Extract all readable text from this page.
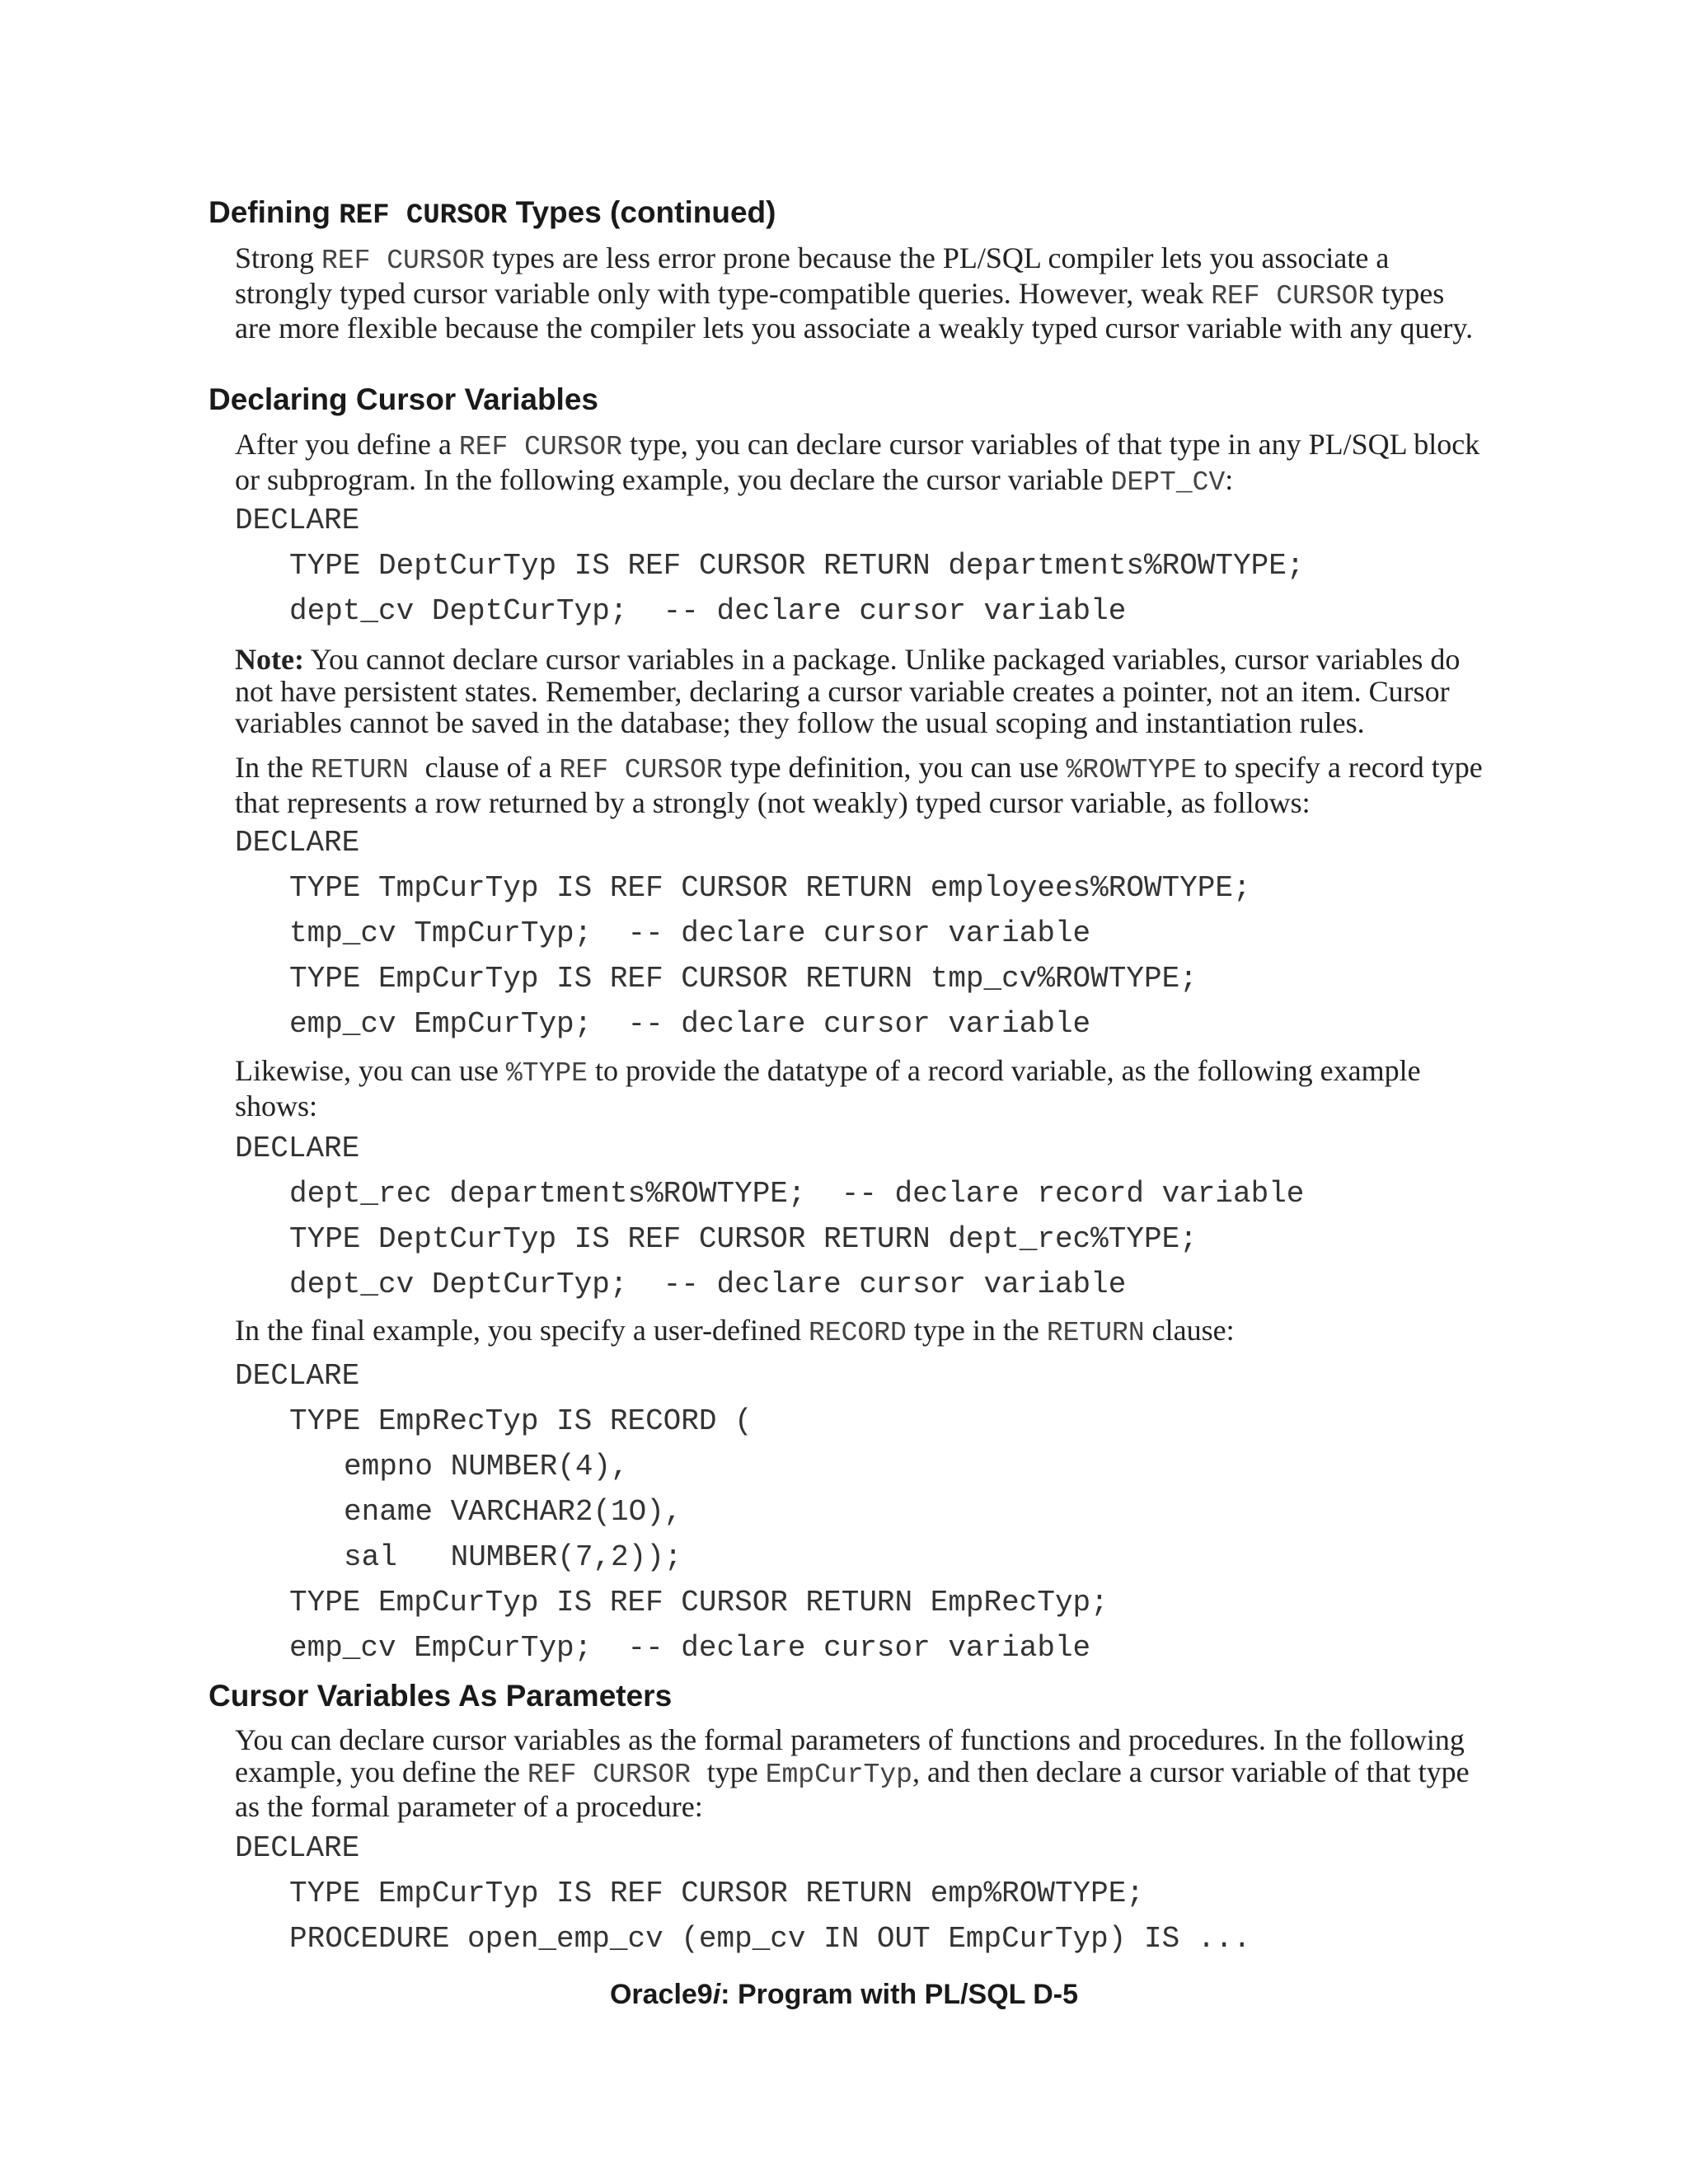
Defining REF CURSOR Types (continued)

Strong REF CURSOR types are less error prone because the PL/SQL compiler lets you associate a strongly typed cursor variable only with type-compatible queries. However, weak REF CURSOR types are more flexible because the compiler lets you associate a weakly typed cursor variable with any query.

Declaring Cursor Variables

After you define a REF CURSOR type, you can declare cursor variables of that type in any PL/SQL block or subprogram. In the following example, you declare the cursor variable DEPT_CV:

DECLARE
TYPE DeptCurTyp IS REF CURSOR RETURN departments%ROWTYPE;
dept_cv DeptCurTyp;  -- declare cursor variable

Note: You cannot declare cursor variables in a package. Unlike packaged variables, cursor variables do not have persistent states. Remember, declaring a cursor variable creates a pointer, not an item. Cursor variables cannot be saved in the database; they follow the usual scoping and instantiation rules.

In the RETURN clause of a REF CURSOR type definition, you can use %ROWTYPE to specify a record type that represents a row returned by a strongly (not weakly) typed cursor variable, as follows:

DECLARE
TYPE TmpCurTyp IS REF CURSOR RETURN employees%ROWTYPE;
tmp_cv TmpCurTyp;  -- declare cursor variable
TYPE EmpCurTyp IS REF CURSOR RETURN tmp_cv%ROWTYPE;
emp_cv EmpCurTyp;  -- declare cursor variable

Likewise, you can use %TYPE to provide the datatype of a record variable, as the following example shows:

DECLARE
dept_rec departments%ROWTYPE;  -- declare record variable
TYPE DeptCurTyp IS REF CURSOR RETURN dept_rec%TYPE;
dept_cv DeptCurTyp;  -- declare cursor variable

In the final example, you specify a user-defined RECORD type in the RETURN clause:

DECLARE
TYPE EmpRecTyp IS RECORD (
empno NUMBER(4),
ename VARCHAR2(1O),
sal   NUMBER(7,2));
TYPE EmpCurTyp IS REF CURSOR RETURN EmpRecTyp;
emp_cv EmpCurTyp;  -- declare cursor variable
Cursor Variables As Parameters

You can declare cursor variables as the formal parameters of functions and procedures. In the following example, you define the REF CURSOR type EmpCurTyp, and then declare a cursor variable of that type as the formal parameter of a procedure:

DECLARE
TYPE EmpCurTyp IS REF CURSOR RETURN emp%ROWTYPE;
PROCEDURE open_emp_cv (emp_cv IN OUT EmpCurTyp) IS ...

Oracle9i: Program with PL/SQL D-5
